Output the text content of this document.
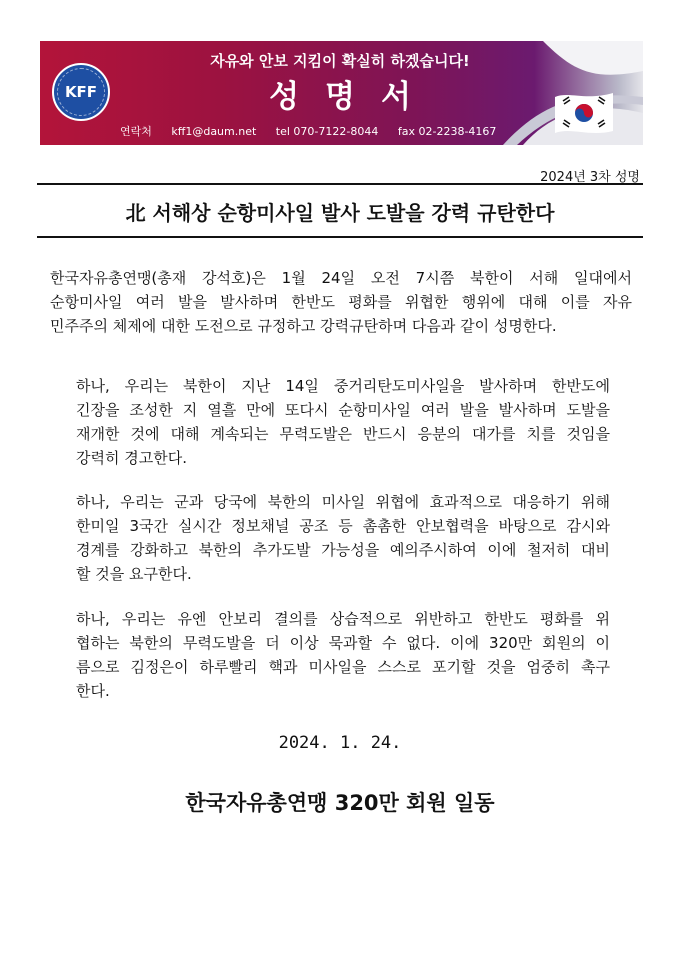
KFF
자유와 안보 지킴이 확실히 하겠습니다!
성명서
연락처 kff1@daum.net tel 070-7122-8044 fax 02-2238-4167
2024년 3차 성명
北 서해상 순항미사일 발사 도발을 강력 규탄한다
한국자유총연맹(총재 강석호)은 1월 24일 오전 7시쯤 북한이 서해 일대에서
순항미사일 여러 발을 발사하며 한반도 평화를 위협한 행위에 대해 이를 자유
민주주의 체제에 대한 도전으로 규정하고 강력규탄하며 다음과 같이 성명한다.
하나, 우리는 북한이 지난 14일 중거리탄도미사일을 발사하며 한반도에
긴장을 조성한 지 열흘 만에 또다시 순항미사일 여러 발을 발사하며 도발을
재개한 것에 대해 계속되는 무력도발은 반드시 응분의 대가를 치를 것임을
강력히 경고한다.
하나, 우리는 군과 당국에 북한의 미사일 위협에 효과적으로 대응하기 위해
한미일 3국간 실시간 정보채널 공조 등 촘촘한 안보협력을 바탕으로 감시와
경계를 강화하고 북한의 추가도발 가능성을 예의주시하여 이에 철저히 대비
할 것을 요구한다.
하나, 우리는 유엔 안보리 결의를 상습적으로 위반하고 한반도 평화를 위
협하는 북한의 무력도발을 더 이상 묵과할 수 없다. 이에 320만 회원의 이
름으로 김정은이 하루빨리 핵과 미사일을 스스로 포기할 것을 엄중히 촉구
한다.
2024. 1. 24.
한국자유총연맹 320만 회원 일동
